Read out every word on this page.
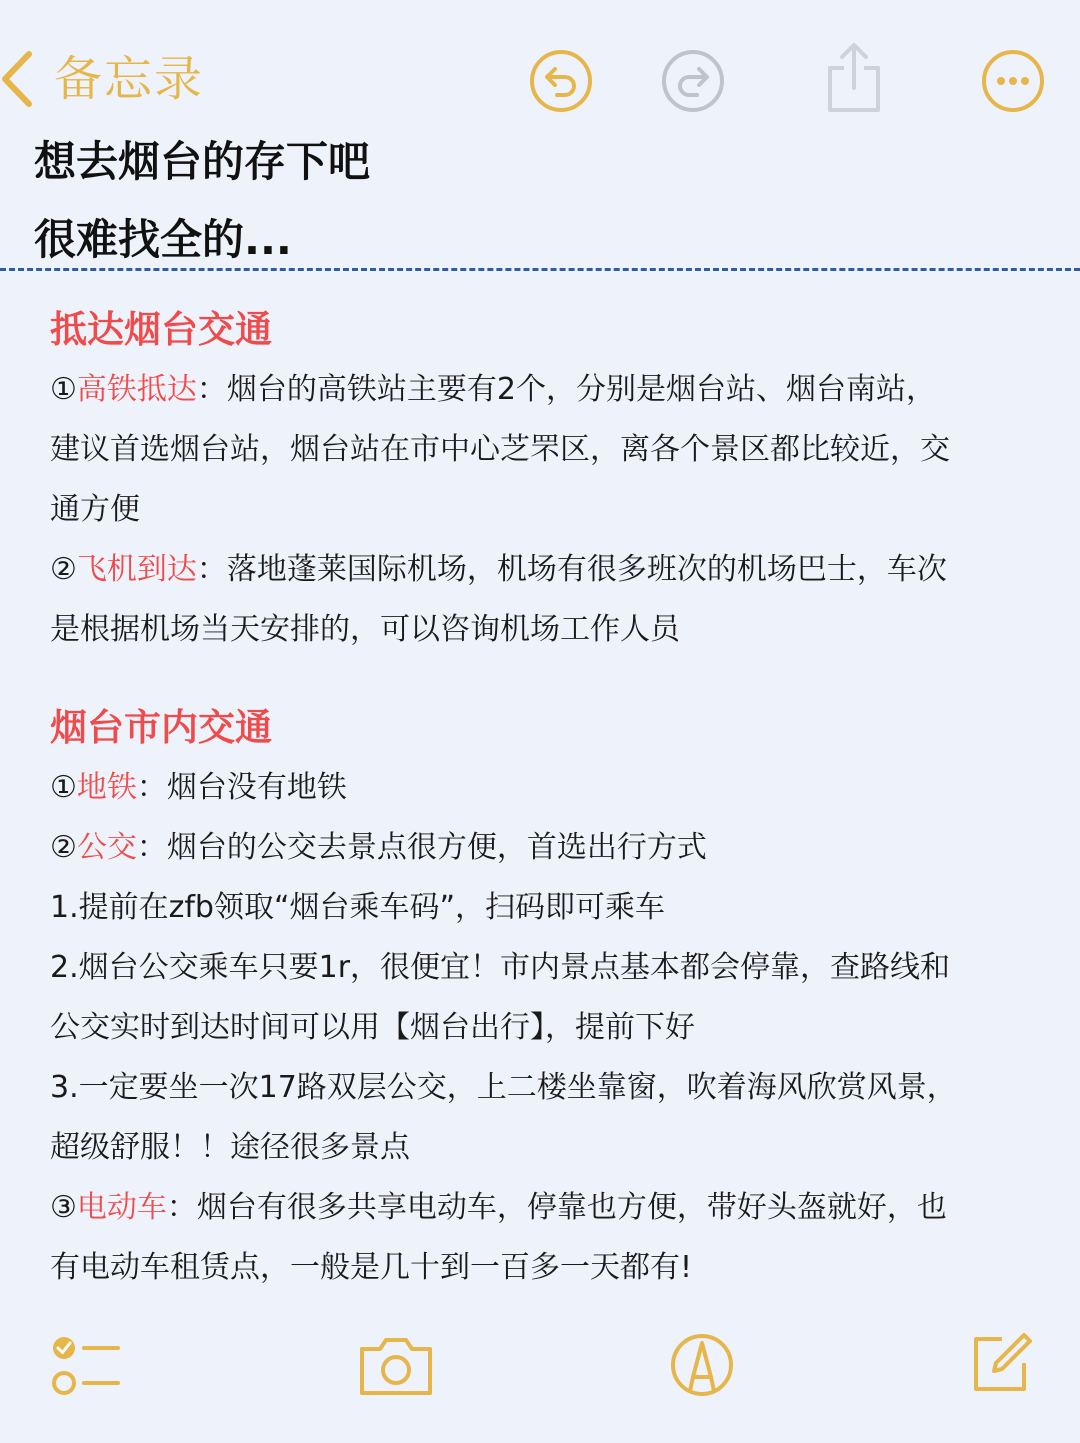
备忘录
想去烟台的存下吧
很难找全的...
抵达烟台交通
①高铁抵达：烟台的高铁站主要有2个，分别是烟台站、烟台南站，
建议首选烟台站，烟台站在市中心芝罘区，离各个景区都比较近，交
通方便
②飞机到达：落地蓬莱国际机场，机场有很多班次的机场巴士，车次
是根据机场当天安排的，可以咨询机场工作人员
烟台市内交通
①地铁：烟台没有地铁
②公交：烟台的公交去景点很方便，首选出行方式
1.提前在zfb领取“烟台乘车码”，扫码即可乘车
2.烟台公交乘车只要1r，很便宜！市内景点基本都会停靠，查路线和
公交实时到达时间可以用【烟台出行】，提前下好
3.一定要坐一次17路双层公交，上二楼坐靠窗，吹着海风欣赏风景，
超级舒服！！途径很多景点
③电动车：烟台有很多共享电动车，停靠也方便，带好头盔就好，也
有电动车租赁点，一般是几十到一百多一天都有!
